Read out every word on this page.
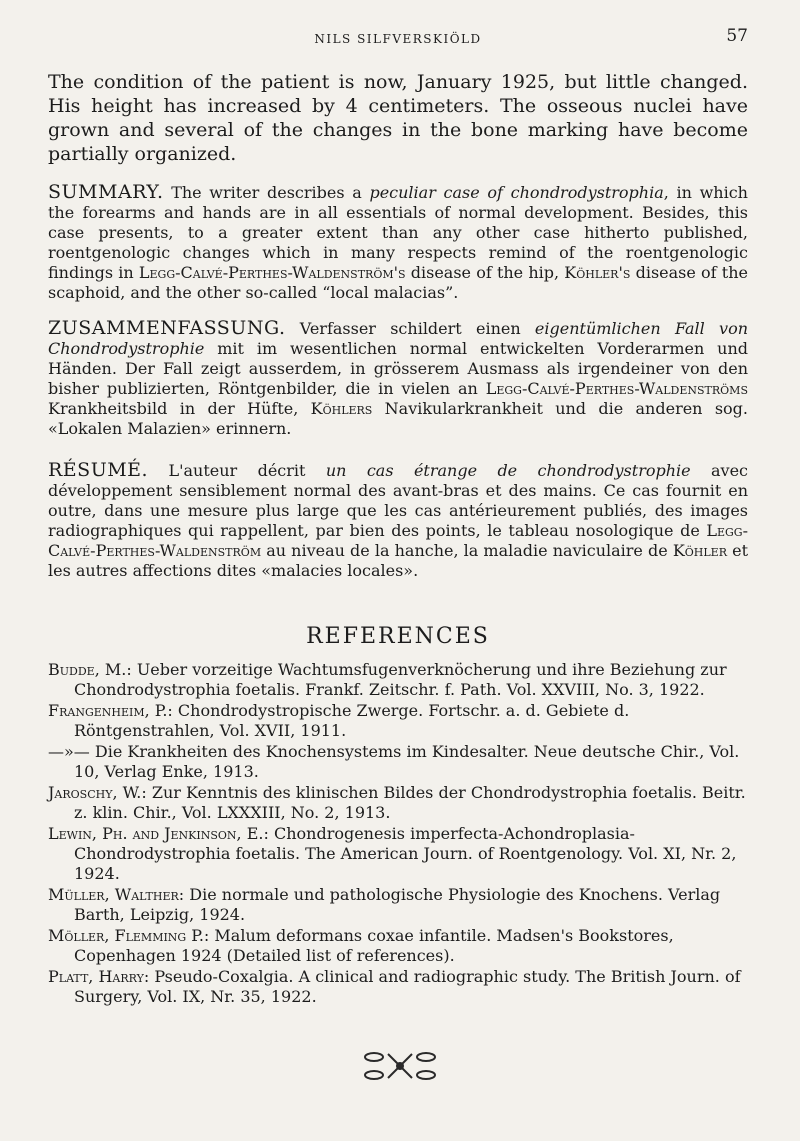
NILS SILFVERSKIÖLD	57

The condition of the patient is now, January 1925, but little changed. His height has increased by 4 centimeters. The osseous nuclei have grown and several of the changes in the bone marking have become partially organized.

SUMMARY. The writer describes a peculiar case of chondrodystrophia, in which the forearms and hands are in all essentials of normal development. Besides, this case presents, to a greater extent than any other case hitherto published, roentgenologic changes which in many respects remind of the roentgenologic findings in Legg-Calvé-Perthes-Waldenström's disease of the hip, Köhler's disease of the scaphoid, and the other so-called “local malacias”.

ZUSAMMENFASSUNG. Verfasser schildert einen eigentümlichen Fall von Chondrodystrophie mit im wesentlichen normal entwickelten Vorderarmen und Händen. Der Fall zeigt ausserdem, in grösserem Ausmass als irgendeiner von den bisher publizierten, Röntgenbilder, die in vielen an Legg-Calvé-Perthes-Waldenströms Krankheitsbild in der Hüfte, Köhlers Navikularkrankheit und die anderen sog. «Lokalen Malazien» erinnern.

RÉSUMÉ. L'auteur décrit un cas étrange de chondrodystrophie avec développement sensiblement normal des avant-bras et des mains. Ce cas fournit en outre, dans une mesure plus large que les cas antérieurement publiés, des images radiographiques qui rappellent, par bien des points, le tableau nosologique de Legg-Calvé-Perthes-Waldenström au niveau de la hanche, la maladie naviculaire de Köhler et les autres affections dites «malacies locales».

REFERENCES

Budde, M.: Ueber vorzeitige Wachtumsfugenverknöcherung und ihre Beziehung zur Chondrodystrophia foetalis. Frankf. Zeitschr. f. Path. Vol. XXVIII, No. 3, 1922.

Frangenheim, P.: Chondrodystropische Zwerge. Fortschr. a. d. Gebiete d. Röntgenstrahlen, Vol. XVII, 1911.

—»— Die Krankheiten des Knochensystems im Kindesalter. Neue deutsche Chir., Vol. 10, Verlag Enke, 1913.

Jaroschy, W.: Zur Kenntnis des klinischen Bildes der Chondrodystrophia foetalis. Beitr. z. klin. Chir., Vol. LXXXIII, No. 2, 1913.

Lewin, Ph. and Jenkinson, E.: Chondrogenesis imperfecta-Achondroplasia-Chondrodystrophia foetalis. The American Journ. of Roentgenology. Vol. XI, Nr. 2, 1924.

Müller, Walther: Die normale und pathologische Physiologie des Knochens. Verlag Barth, Leipzig, 1924.

Möller, Flemming P.: Malum deformans coxae infantile. Madsen's Bookstores, Copenhagen 1924 (Detailed list of references).

Platt, Harry: Pseudo-Coxalgia. A clinical and radiographic study. The British Journ. of Surgery, Vol. IX, Nr. 35, 1922.
